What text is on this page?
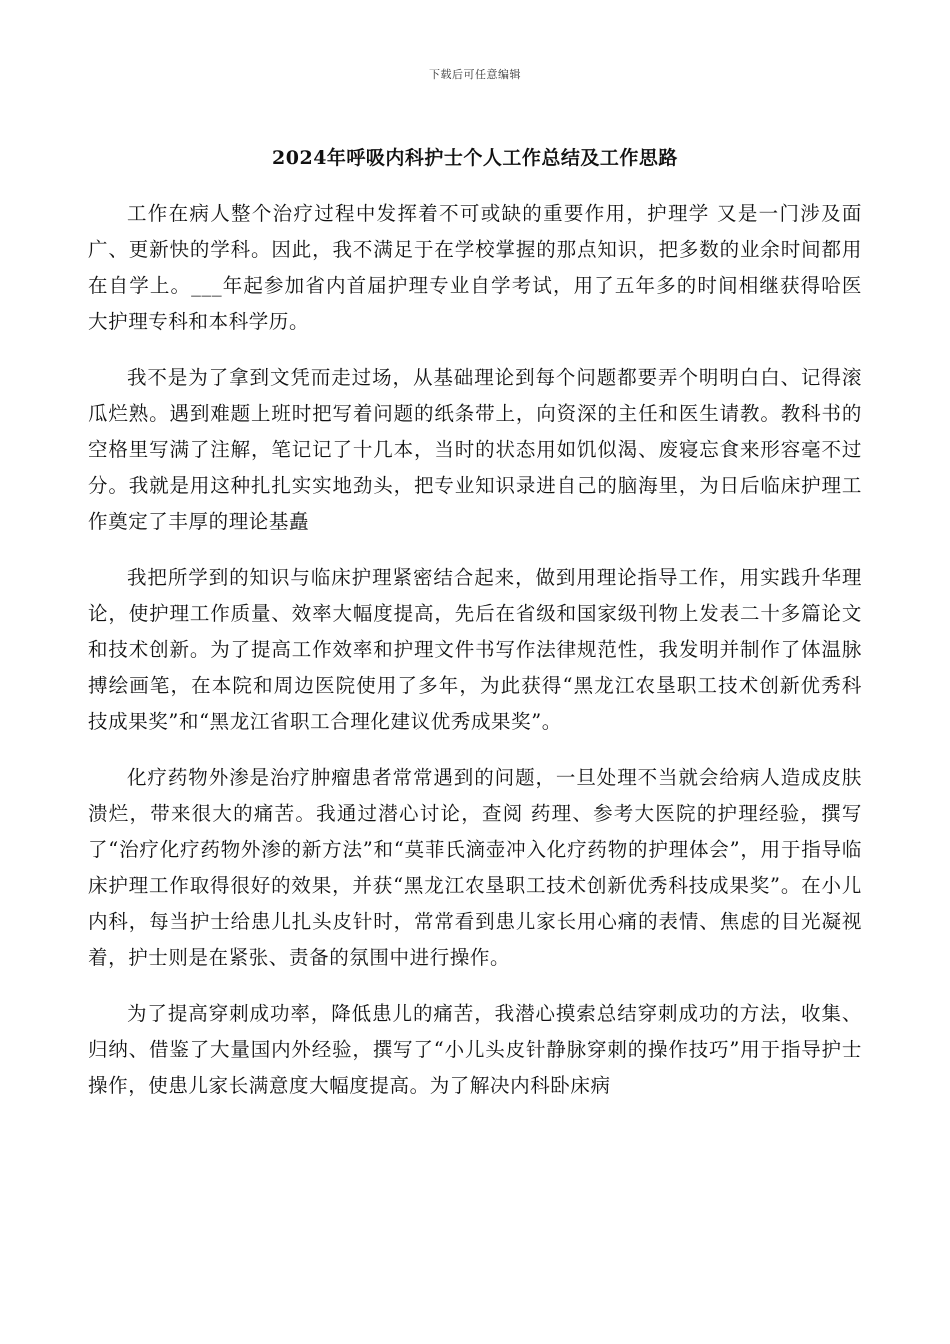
下载后可任意编辑
2024年呼吸内科护士个人工作总结及工作思路

工作在病人整个治疗过程中发挥着不可或缺的重要作用，护理学 又是一门涉及面广、更新快的学科。因此，我不满足于在学校掌握的那点知识，把多数的业余时间都用在自学上。___年起参加省内首届护理专业自学考试，用了五年多的时间相继获得哈医大护理专科和本科学历。

我不是为了拿到文凭而走过场，从基础理论到每个问题都要弄个明明白白、记得滚瓜烂熟。遇到难题上班时把写着问题的纸条带上，向资深的主任和医生请教。教科书的空格里写满了注解，笔记记了十几本，当时的状态用如饥似渴、废寝忘食来形容毫不过分。我就是用这种扎扎实实地劲头，把专业知识录进自己的脑海里，为日后临床护理工作奠定了丰厚的理论基矗

我把所学到的知识与临床护理紧密结合起来，做到用理论指导工作，用实践升华理论，使护理工作质量、效率大幅度提高，先后在省级和国家级刊物上发表二十多篇论文和技术创新。为了提高工作效率和护理文件书写作法律规范性，我发明并制作了体温脉搏绘画笔，在本院和周边医院使用了多年，为此获得“黑龙江农垦职工技术创新优秀科技成果奖”和“黑龙江省职工合理化建议优秀成果奖”。

化疗药物外渗是治疗肿瘤患者常常遇到的问题，一旦处理不当就会给病人造成皮肤溃烂，带来很大的痛苦。我通过潜心讨论，查阅 药理、参考大医院的护理经验，撰写了“治疗化疗药物外渗的新方法”和“莫菲氏滴壶冲入化疗药物的护理体会”，用于指导临床护理工作取得很好的效果，并获“黑龙江农垦职工技术创新优秀科技成果奖”。在小儿内科，每当护士给患儿扎头皮针时，常常看到患儿家长用心痛的表情、焦虑的目光凝视着，护士则是在紧张、责备的氛围中进行操作。

为了提高穿刺成功率，降低患儿的痛苦，我潜心摸索总结穿刺成功的方法，收集、归纳、借鉴了大量国内外经验，撰写了“小儿头皮针静脉穿刺的操作技巧”用于指导护士操作，使患儿家长满意度大幅度提高。为了解决内科卧床病
